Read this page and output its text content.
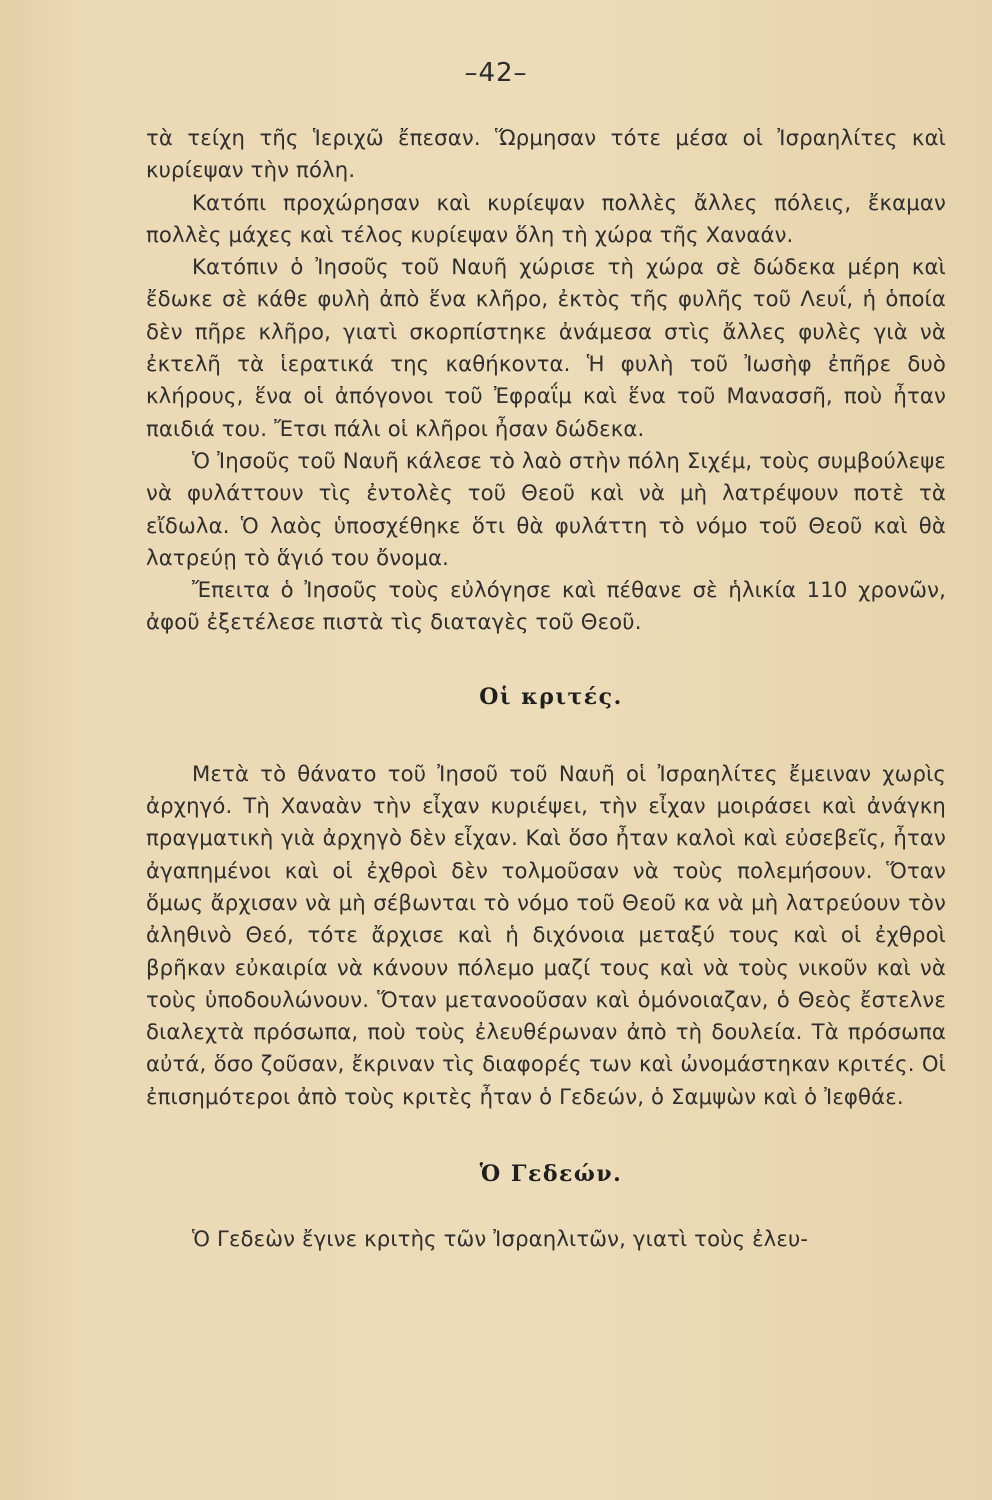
–42–

τὰ τείχη τῆς Ἱεριχῶ ἔπεσαν. Ὥρμησαν τότε μέσα οἱ Ἰσραηλίτες καὶ κυρίεψαν τὴν πόλη.

Κατόπι προχώρησαν καὶ κυρίεψαν πολλὲς ἄλλες πόλεις, ἔκαμαν πολλὲς μάχες καὶ τέλος κυρίεψαν ὅλη τὴ χώρα τῆς Χαναάν.

Κατόπιν ὁ Ἰησοῦς τοῦ Ναυῆ χώρισε τὴ χώρα σὲ δώδεκα μέρη καὶ ἔδωκε σὲ κάθε φυλὴ ἀπὸ ἕνα κλῆρο, ἐκτὸς τῆς φυλῆς τοῦ Λευΐ, ἡ ὁποία δὲν πῆρε κλῆρο, γιατὶ σκορπίστηκε ἀνάμεσα στὶς ἄλλες φυλὲς γιὰ νὰ ἐκτελῆ τὰ ἱερατικά της καθήκοντα. Ἡ φυλὴ τοῦ Ἰωσὴφ ἐπῆρε δυὸ κλήρους, ἕνα οἱ ἀπόγονοι τοῦ Ἐφραΐμ καὶ ἕνα τοῦ Μανασσῆ, ποὺ ἦταν παιδιά του. Ἔτσι πάλι οἱ κλῆροι ἦσαν δώδεκα.

Ὁ Ἰησοῦς τοῦ Ναυῆ κάλεσε τὸ λαὸ στὴν πόλη Σιχέμ, τοὺς συμβούλεψε νὰ φυλάττουν τὶς ἐντολὲς τοῦ Θεοῦ καὶ νὰ μὴ λατρέψουν ποτὲ τὰ εἴδωλα. Ὁ λαὸς ὑποσχέθηκε ὅτι θὰ φυλάττη τὸ νόμο τοῦ Θεοῦ καὶ θὰ λατρεύῃ τὸ ἅγιό του ὄνομα.

Ἔπειτα ὁ Ἰησοῦς τοὺς εὐλόγησε καὶ πέθανε σὲ ἡλικία 110 χρονῶν, ἀφοῦ ἐξετέλεσε πιστὰ τὶς διαταγὲς τοῦ Θεοῦ.

Οἱ κριτές.

Μετὰ τὸ θάνατο τοῦ Ἰησοῦ τοῦ Ναυῆ οἱ Ἰσραηλίτες ἔμειναν χωρὶς ἀρχηγό. Τὴ Χαναὰν τὴν εἶχαν κυριέψει, τὴν εἶχαν μοιράσει καὶ ἀνάγκη πραγματικὴ γιὰ ἀρχηγὸ δὲν εἶχαν. Καὶ ὅσο ἦταν καλοὶ καὶ εὐσεβεῖς, ἦταν ἀγαπημένοι καὶ οἱ ἐχθροὶ δὲν τολμοῦσαν νὰ τοὺς πολεμήσουν. Ὅταν ὅμως ἄρχισαν νὰ μὴ σέβωνται τὸ νόμο τοῦ Θεοῦ κα νὰ μὴ λατρεύουν τὸν ἀληθινὸ Θεό, τότε ἄρχισε καὶ ἡ διχόνοια μεταξύ τους καὶ οἱ ἐχθροὶ βρῆκαν εὐκαιρία νὰ κάνουν πόλεμο μαζί τους καὶ νὰ τοὺς νικοῦν καὶ νὰ τοὺς ὑποδουλώνουν. Ὅταν μετανοοῦσαν καὶ ὁμόνοιαζαν, ὁ Θεὸς ἔστελνε διαλεχτὰ πρόσωπα, ποὺ τοὺς ἐλευθέρωναν ἀπὸ τὴ δουλεία. Τὰ πρόσωπα αὐτά, ὅσο ζοῦσαν, ἔκριναν τὶς διαφορές των καὶ ὠνομάστηκαν κριτές. Οἱ ἐπισημότεροι ἀπὸ τοὺς κριτὲς ἦταν ὁ Γεδεών, ὁ Σαμψὼν καὶ ὁ Ἰεφθάε.

Ὁ Γεδεών.

Ὁ Γεδεὼν ἔγινε κριτὴς τῶν Ἰσραηλιτῶν, γιατὶ τοὺς ἐλευ-
